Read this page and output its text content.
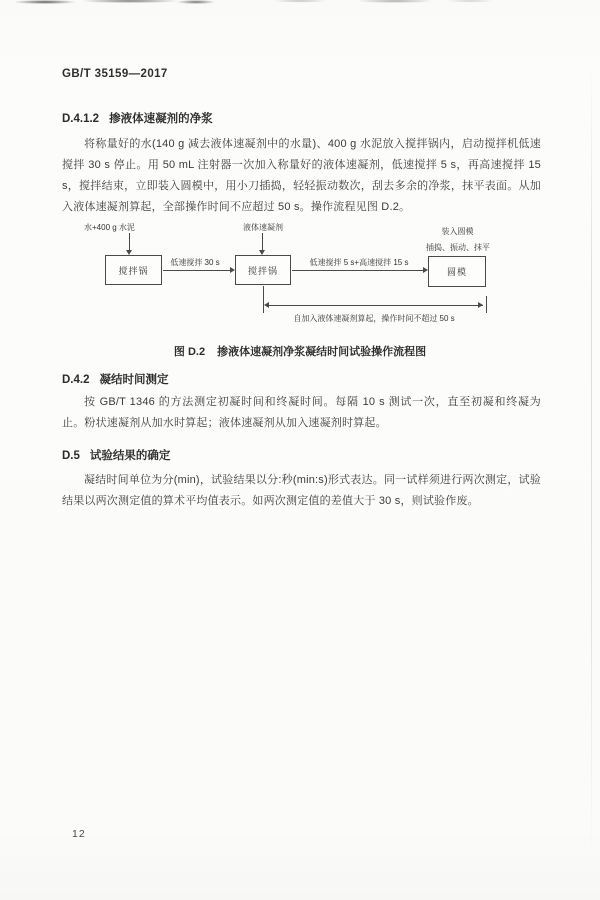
GB/T 35159—2017
D.4.1.2 掺液体速凝剂的净浆

将称量好的水(140 g 减去液体速凝剂中的水量)、400 g 水泥放入搅拌锅内，启动搅拌机低速搅拌 30 s 停止。用 50 mL 注射器一次加入称量好的液体速凝剂，低速搅拌 5 s，再高速搅拌 15 s，搅拌结束，立即装入圆模中，用小刀插捣，轻轻振动数次，刮去多余的净浆，抹平表面。从加入液体速凝剂算起，全部操作时间不应超过 50 s。操作流程见图 D.2。

水+400 g 水泥
搅拌锅
低速搅拌 30 s
液体速凝剂
搅拌锅
低速搅拌 5 s+高速搅拌 15 s
装入圆模
插捣、振动、抹平
圆模
自加入液体速凝剂算起，操作时间不超过 50 s
图 D.2 掺液体速凝剂净浆凝结时间试验操作流程图
D.4.2 凝结时间测定

按 GB/T 1346 的方法测定初凝时间和终凝时间。每隔 10 s 测试一次，直至初凝和终凝为止。粉状速凝剂从加水时算起；液体速凝剂从加入速凝剂时算起。

D.5 试验结果的确定

凝结时间单位为分(min)，试验结果以分:秒(min:s)形式表达。同一试样须进行两次测定，试验结果以两次测定值的算术平均值表示。如两次测定值的差值大于 30 s，则试验作废。

12
